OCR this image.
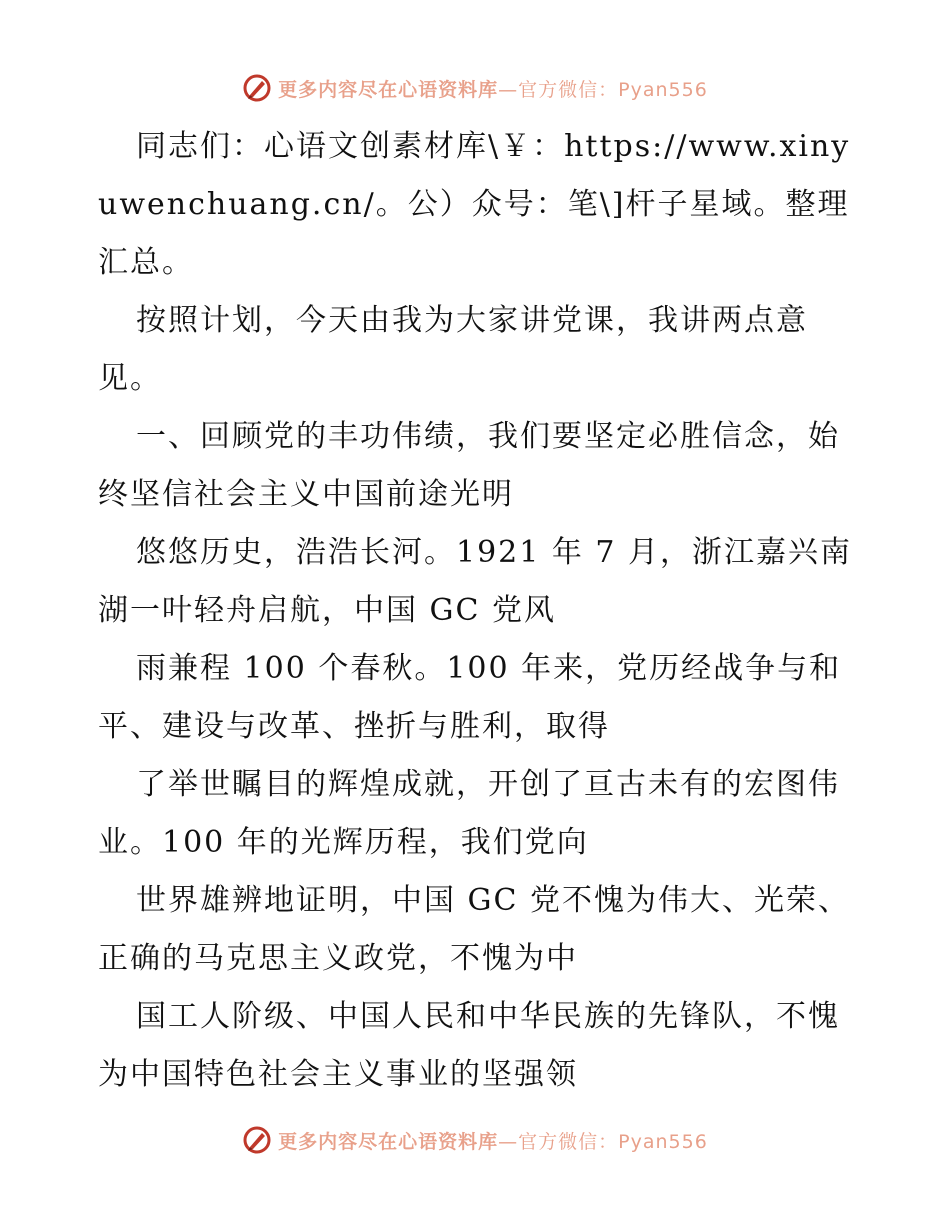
更多内容尽在心语资料库—官方微信：Pyan556

同志们：心语文创素材库\￥：https://www.xinyuwenchuang.cn/。公）众号：笔\]杆子星域。整理汇总。

按照计划，今天由我为大家讲党课，我讲两点意见。

一、回顾党的丰功伟绩，我们要坚定必胜信念，始终坚信社会主义中国前途光明

悠悠历史，浩浩长河。1921 年 7 月，浙江嘉兴南湖一叶轻舟启航，中国 GC 党风

雨兼程 100 个春秋。100 年来，党历经战争与和平、建设与改革、挫折与胜利，取得

了举世瞩目的辉煌成就，开创了亘古未有的宏图伟业。100 年的光辉历程，我们党向

世界雄辨地证明，中国 GC 党不愧为伟大、光荣、正确的马克思主义政党，不愧为中

国工人阶级、中国人民和中华民族的先锋队，不愧为中国特色社会主义事业的坚强领

更多内容尽在心语资料库—官方微信：Pyan556
